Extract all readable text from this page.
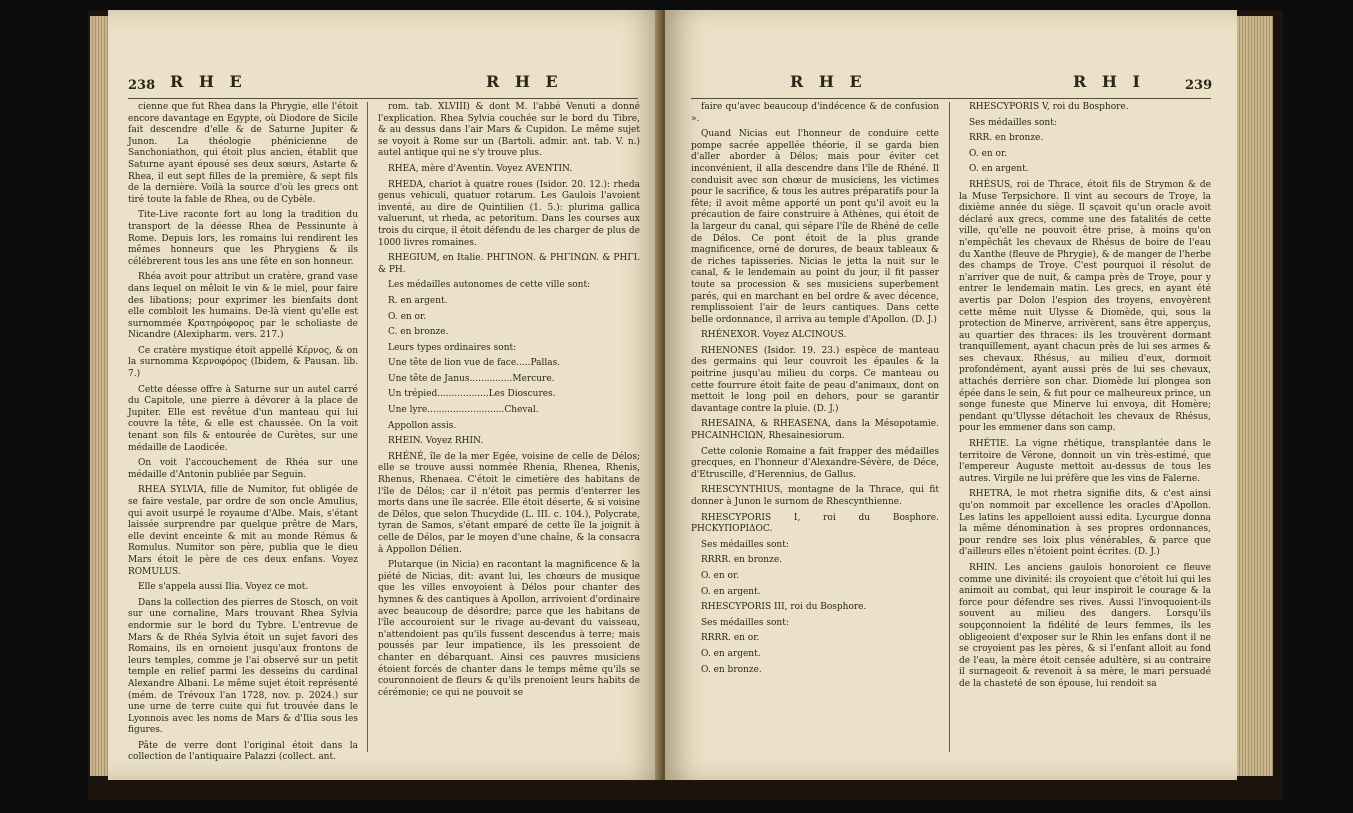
238 R H E	R H E

cienne que fut Rhea dans la Phrygie, elle l'étoit encore davantage en Egypte, où Diodore de Sicile fait descendre d'elle & de Saturne Jupiter & Junon. La théologie phénicienne de Sanchoniathon, qui étoit plus ancien, établit que Saturne ayant épousé ses deux sœurs, Astarte & Rhea, il eut sept filles de la première, & sept fils de la dernière. Voilà la source d'où les grecs ont tiré toute la fable de Rhea, ou de Cybèle.

Tite-Live raconte fort au long la tradition du transport de la déesse Rhea de Pessinunte à Rome. Depuis lors, les romains lui rendirent les mêmes honneurs que les Phrygiens & ils célébrerent tous les ans une fête en son honneur.

Rhéa avoit pour attribut un cratère, grand vase dans lequel on mêloit le vin & le miel, pour faire des libations; pour exprimer les bienfaits dont elle combloit les humains. De-là vient qu'elle est surnommée Κρατηρόφορος par le scholiaste de Nicandre (Alexipharm. vers. 217.)

Ce cratère mystique étoit appellé Κέρνος, & on la surnomma Κερνοφόρος (Ibidem, & Pausan. lib. 7.)

Cette déesse offre à Saturne sur un autel carré du Capitole, une pierre à dévorer à la place de Jupiter. Elle est revêtue d'un manteau qui lui couvre la tête, & elle est chaussée. On la voit tenant son fils & entourée de Curètes, sur une médaille de Laodicée.

On voit l'accouchement de Rhéa sur une médaille d'Antonin publiée par Seguin.

RHEA SYLVIA, fille de Numitor, fut obligée de se faire vestale, par ordre de son oncle Amulius, qui avoit usurpé le royaume d'Albe. Mais, s'étant laissée surprendre par quelque prêtre de Mars, elle devint enceinte & mit au monde Rémus & Romulus. Numitor son père, publia que le dieu Mars étoit le père de ces deux enfans. Voyez ROMULUS.

Elle s'appela aussi Ilia. Voyez ce mot.

Dans la collection des pierres de Stosch, on voit sur une cornaline, Mars trouvant Rhea Sylvia endormie sur le bord du Tybre. L'entrevue de Mars & de Rhéa Sylvia étoit un sujet favori des Romains, ils en ornoient jusqu'aux frontons de leurs temples, comme je l'ai observé sur un petit temple en relief parmi les desseins du cardinal Alexandre Albani. Le même sujet étoit représenté (mém. de Trévoux l'an 1728, nov. p. 2024.) sur une urne de terre cuite qui fut trouvée dans le Lyonnois avec les noms de Mars & d'Ilia sous les figures.

Pâte de verre dont l'original étoit dans la collection de l'antiquaire Palazzi (collect. ant.

rom. tab. XLVIII) & dont M. l'abbé Venuti a donné l'explication. Rhea Sylvia couchée sur le bord du Tibre, & au dessus dans l'air Mars & Cupidon. Le même sujet se voyoit à Rome sur un (Bartoli. admir. ant. tab. V. n.) autel antique qui ne s'y trouve plus.

RHEA, mère d'Aventin. Voyez AVENTIN.

RHEDA, chariot à quatre roues (Isidor. 20. 12.): rheda genus vehiculi, quatuor rotarum. Les Gaulois l'avoient inventé, au dire de Quintilien (1. 5.): plurima gallica valuerunt, ut rheda, ac petoritum. Dans les courses aux trois du cirque, il étoit défendu de les charger de plus de 1000 livres romaines.

RHEGIUM, en Italie. PHΓINON. & PHΓINΩN. & PHΓI. & PH.

Les médailles autonomes de cette ville sont:

R. en argent.

O. en or.

C. en bronze.

Leurs types ordinaires sont:

Une tête de lion vue de face.....Pallas.

Une tête de Janus...............Mercure.

Un trépied..................Les Dioscures.

Une lyre...........................Cheval.

Appollon assis.

RHEIN. Voyez RHIN.

RHÉNÉ, île de la mer Egée, voisine de celle de Délos; elle se trouve aussi nommée Rhenia, Rhenea, Rhenis, Rhenus, Rhenaea. C'étoit le cimetière des habitans de l'île de Délos; car il n'étoit pas permis d'enterrer les morts dans une île sacrée. Elle étoit déserte, & si voisine de Délos, que selon Thucydide (L. III. c. 104.), Polycrate, tyran de Samos, s'étant emparé de cette île la joignit à celle de Délos, par le moyen d'une chaîne, & la consacra à Appollon Délien.

Plutarque (in Nicia) en racontant la magnificence & la piété de Nicias, dit: avant lui, les chœurs de musique que les villes envoyoient à Délos pour chanter des hymnes & des cantiques à Apollon, arrivoient d'ordinaire avec beaucoup de désordre; parce que les habitans de l'île accouroient sur le rivage au-devant du vaisseau, n'attendoient pas qu'ils fussent descendus à terre; mais poussés par leur impatience, ils les pressoient de chanter en débarquant. Ainsi ces pauvres musiciens étoient forcés de chanter dans le temps même qu'ils se couronnoient de fleurs & qu'ils prenoient leurs habits de cérémonie; ce qui ne pouvoit se

R H E	R H I	239

faire qu'avec beaucoup d'indécence & de confusion ».

Quand Nicias eut l'honneur de conduire cette pompe sacrée appellée théorie, il se garda bien d'aller aborder à Délos; mais pour éviter cet inconvénient, il alla descendre dans l'île de Rhéné. Il conduisit avec son chœur de musiciens, les victimes pour le sacrifice, & tous les autres préparatifs pour la fête; il avoit même apporté un pont qu'il avoit eu la précaution de faire construire à Athènes, qui étoit de la largeur du canal, qui sépare l'île de Rhéné de celle de Délos. Ce pont étoit de la plus grande magnificence, orné de dorures, de beaux tableaux & de riches tapisseries. Nicias le jetta la nuit sur le canal, & le lendemain au point du jour, il fit passer toute sa procession & ses musiciens superbement parés, qui en marchant en bel ordre & avec décence, remplissoient l'air de leurs cantiques. Dans cette belle ordonnance, il arriva au temple d'Apollon. (D. J.)

RHÉNEXOR. Voyez ALCINOUS.

RHENONES (Isidor. 19. 23.) espèce de manteau des germains qui leur couvroit les épaules & la poitrine jusqu'au milieu du corps. Ce manteau ou cette fourrure étoit faite de peau d'animaux, dont on mettoit le long poil en dehors, pour se garantir davantage contre la pluie. (D. J.)

RHESAINA, & RHEASENA, dans la Mésopotamie. PHCAINHCIΩN, Rhesainesiorum.

Cette colonie Romaine a fait frapper des médailles grecques, en l'honneur d'Alexandre-Sévère, de Déce, d'Etruscille, d'Herennius, de Gallus.

RHESCYNTHIUS, montagne de la Thrace, qui fit donner à Junon le surnom de Rhescynthienne.

RHESCYPORIS I, roi du Bosphore. PHCKYΠOPIΔOC.

Ses médailles sont:

RRRR. en bronze.

O. en or.

O. en argent.

RHESCYPORIS III, roi du Bosphore.

Ses médailles sont:

RRRR. en or.

O. en argent.

O. en bronze.

RHESCYPORIS V, roi du Bosphore.

Ses médailles sont:

RRR. en bronze.

O. en or.

O. en argent.

RHÉSUS, roi de Thrace, étoit fils de Strymon & de la Muse Terpsichore. Il vint au secours de Troye, la dixième année du siège. Il sçavoit qu'un oracle avoit déclaré aux grecs, comme une des fatalités de cette ville, qu'elle ne pouvoit être prise, à moins qu'on n'empêchât les chevaux de Rhésus de boire de l'eau du Xanthe (fleuve de Phrygie), & de manger de l'herbe des champs de Troye. C'est pourquoi il résolut de n'arriver que de nuit, & campa près de Troye, pour y entrer le lendemain matin. Les grecs, en ayant été avertis par Dolon l'espion des troyens, envoyèrent cette même nuit Ulysse & Diomède, qui, sous la protection de Minerve, arrivèrent, sans être apperçus, au quartier des thraces: ils les trouvèrent dormant tranquillement, ayant chacun près de lui ses armes & ses chevaux. Rhésus, au milieu d'eux, dormoit profondément, ayant aussi près de lui ses chevaux, attachés derrière son char. Diomède lui plongea son épée dans le sein, & fut pour ce malheureux prince, un songe funeste que Minerve lui envoya, dit Homère; pendant qu'Ulysse détachoit les chevaux de Rhésus, pour les emmener dans son camp.

RHÉTIE. La vigne rhétique, transplantée dans le territoire de Vérone, donnoit un vin très-estimé, que l'empereur Auguste mettoit au-dessus de tous les autres. Virgile ne lui préfère que les vins de Falerne.

RHETRA, le mot rhetra signifie dits, & c'est ainsi qu'on nommoit par excellence les oracles d'Apollon. Les latins les appelloient aussi edita. Lycurgue donna la même dénomination à ses propres ordonnances, pour rendre ses loix plus vénérables, & parce que d'ailleurs elles n'étoient point écrites. (D. J.)

RHIN. Les anciens gaulois honoroient ce fleuve comme une divinité: ils croyoient que c'étoit lui qui les animoit au combat, qui leur inspiroit le courage & la force pour défendre ses rives. Aussi l'invoquoient-ils souvent au milieu des dangers. Lorsqu'ils soupçonnoient la fidélité de leurs femmes, ils les obligeoient d'exposer sur le Rhin les enfans dont il ne se croyoient pas les pères, & si l'enfant alloit au fond de l'eau, la mère étoit censée adultère, si au contraire il surnageoit & revenoit à sa mère, le mari persuadé de la chasteté de son épouse, lui rendoit sa
